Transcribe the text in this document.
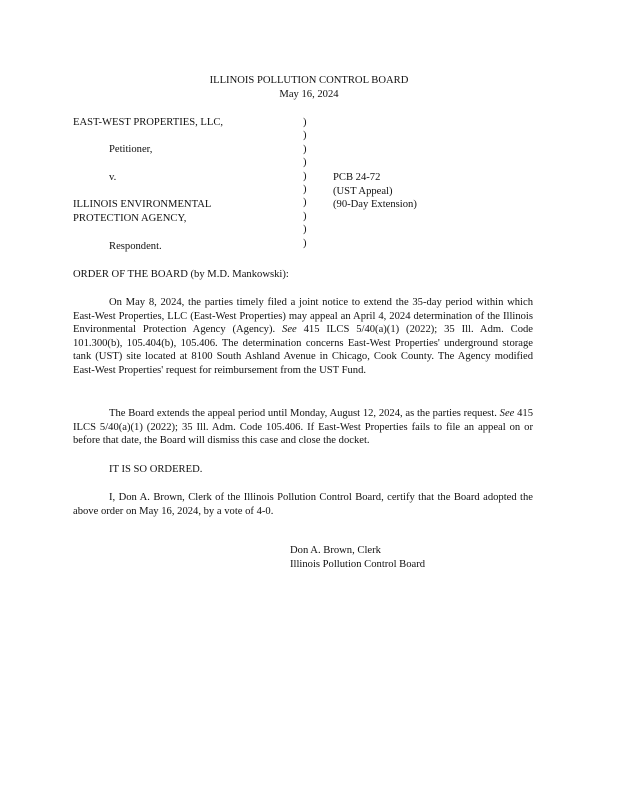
ILLINOIS POLLUTION CONTROL BOARD
May 16, 2024
EAST-WEST PROPERTIES, LLC,
Petitioner,
v.
ILLINOIS ENVIRONMENTAL
PROTECTION AGENCY,
Respondent.
)
)
)
)
)
)
)
)
)
)
PCB 24-72
(UST Appeal)
(90-Day Extension)
ORDER OF THE BOARD (by M.D. Mankowski):
On May 8, 2024, the parties timely filed a joint notice to extend the 35-day period within which East-West Properties, LLC (East-West Properties) may appeal an April 4, 2024 determination of the Illinois Environmental Protection Agency (Agency). See 415 ILCS 5/40(a)(1) (2022); 35 Ill. Adm. Code 101.300(b), 105.404(b), 105.406. The determination concerns East-West Properties' underground storage tank (UST) site located at 8100 South Ashland Avenue in Chicago, Cook County. The Agency modified East-West Properties' request for reimbursement from the UST Fund.
The Board extends the appeal period until Monday, August 12, 2024, as the parties request. See 415 ILCS 5/40(a)(1) (2022); 35 Ill. Adm. Code 105.406. If East-West Properties fails to file an appeal on or before that date, the Board will dismiss this case and close the docket.
IT IS SO ORDERED.
I, Don A. Brown, Clerk of the Illinois Pollution Control Board, certify that the Board adopted the above order on May 16, 2024, by a vote of 4-0.
Don A. Brown, Clerk
Illinois Pollution Control Board
